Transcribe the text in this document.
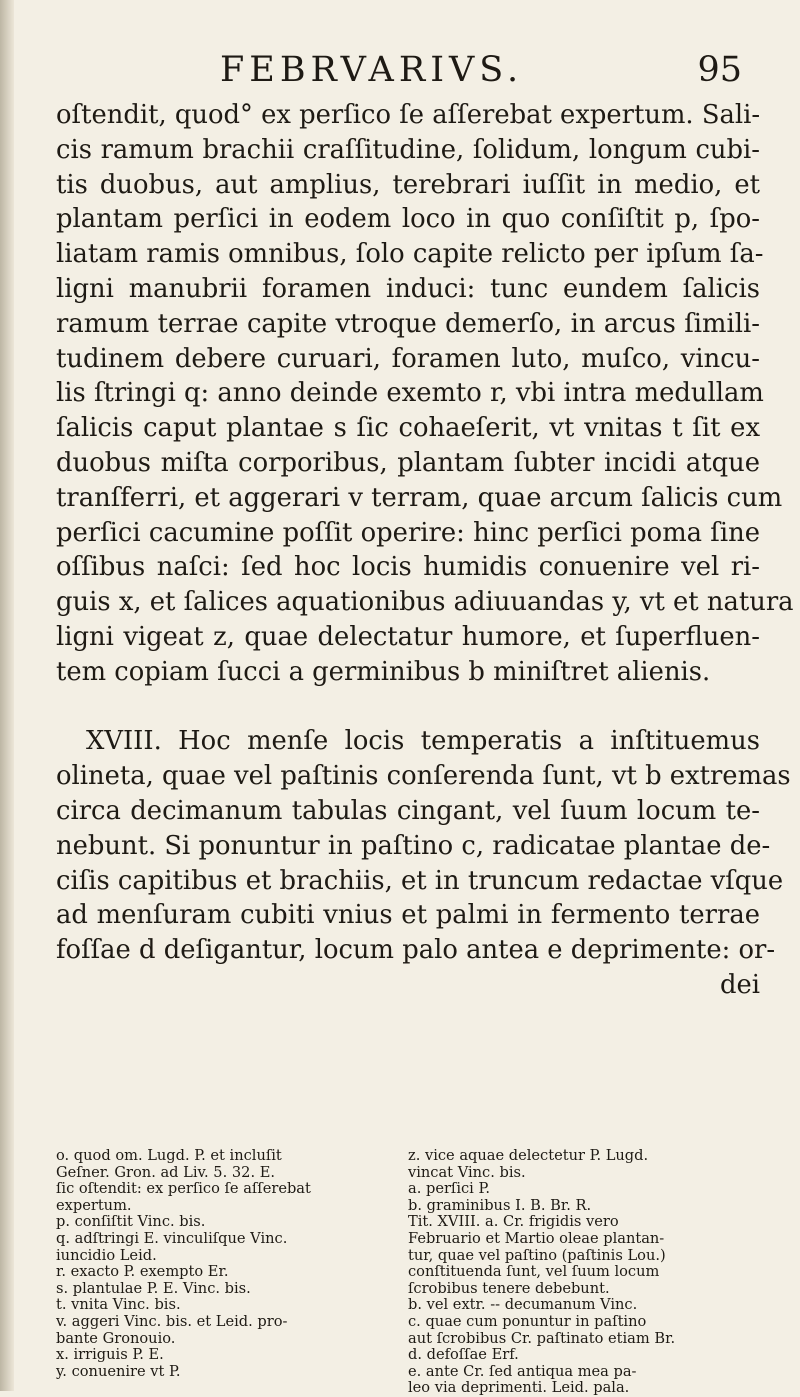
FEBRVARIVS.	95
oſtendit, quod° ex perſico ſe aſſerebat expertum. Sali-
cis ramum brachii craſſitudine, ſolidum, longum cubi-
tis duobus, aut amplius, terebrari iuſſit in medio, et
plantam perſici in eodem loco in quo conſiſtit p, ſpo-
liatam ramis omnibus, ſolo capite relicto per ipſum ſa-
ligni manubrii foramen induci: tunc eundem ſalicis
ramum terrae capite vtroque demerſo, in arcus ſimili-
tudinem debere curuari, foramen luto, muſco, vincu-
lis ſtringi q: anno deinde exemto r, vbi intra medullam
ſalicis caput plantae s ſic cohaeſerit, vt vnitas t ſit ex
duobus miſta corporibus, plantam ſubter incidi atque
tranſferri, et aggerari v terram, quae arcum ſalicis cum
perſici cacumine poſſit operire: hinc perſici poma ſine
oſſibus naſci: ſed hoc locis humidis conuenire vel ri-
guis x, et ſalices aquationibus adiuuandas y, vt et natura
ligni vigeat z, quae delectatur humore, et ſuperfluen-
tem copiam ſucci a germinibus b miniſtret alienis.
XVIII. Hoc menſe locis temperatis a inſtituemus
olineta, quae vel paſtinis conſerenda ſunt, vt b extremas
circa decimanum tabulas cingant, vel ſuum locum te-
nebunt. Si ponuntur in paſtino c, radicatae plantae de-
ciſis capitibus et brachiis, et in truncum redactae vſque
ad menſuram cubiti vnius et palmi in fermento terrae
foſſae d deſigantur, locum palo antea e deprimente: or-
dei
o. quod om. Lugd. P. et incluſit
Geſner. Gron. ad Liv. 5. 32. E.
ſic oſtendit: ex perſico ſe aſſerebat
expertum.
p. conſiſtit Vinc. bis.
q. adſtringi E. vinculiſque Vinc.
iuncidio Leid.
r. exacto P. exempto Er.
s. plantulae P. E. Vinc. bis.
t. vnita Vinc. bis.
v. aggeri Vinc. bis. et Leid. pro-
bante Gronouio.
x. irriguis P. E.
y. conuenire vt P.
z. vice aquae delectetur P. Lugd.
vincat Vinc. bis.
a. perſici P.
b. graminibus I. B. Br. R.
Tit. XVIII. a. Cr. frigidis vero
Februario et Martio oleae plantan-
tur, quae vel paſtino (paſtinis Lou.)
conſtituenda ſunt, vel ſuum locum
ſcrobibus tenere debebunt.
b. vel extr. -- decumanum Vinc.
c. quae cum ponuntur in paſtino
aut ſcrobibus Cr. paſtinato etiam Br.
d. defoſſae Erf.
e. ante Cr. ſed antiqua mea pa-
leo via deprimenti. Leid. pala.
